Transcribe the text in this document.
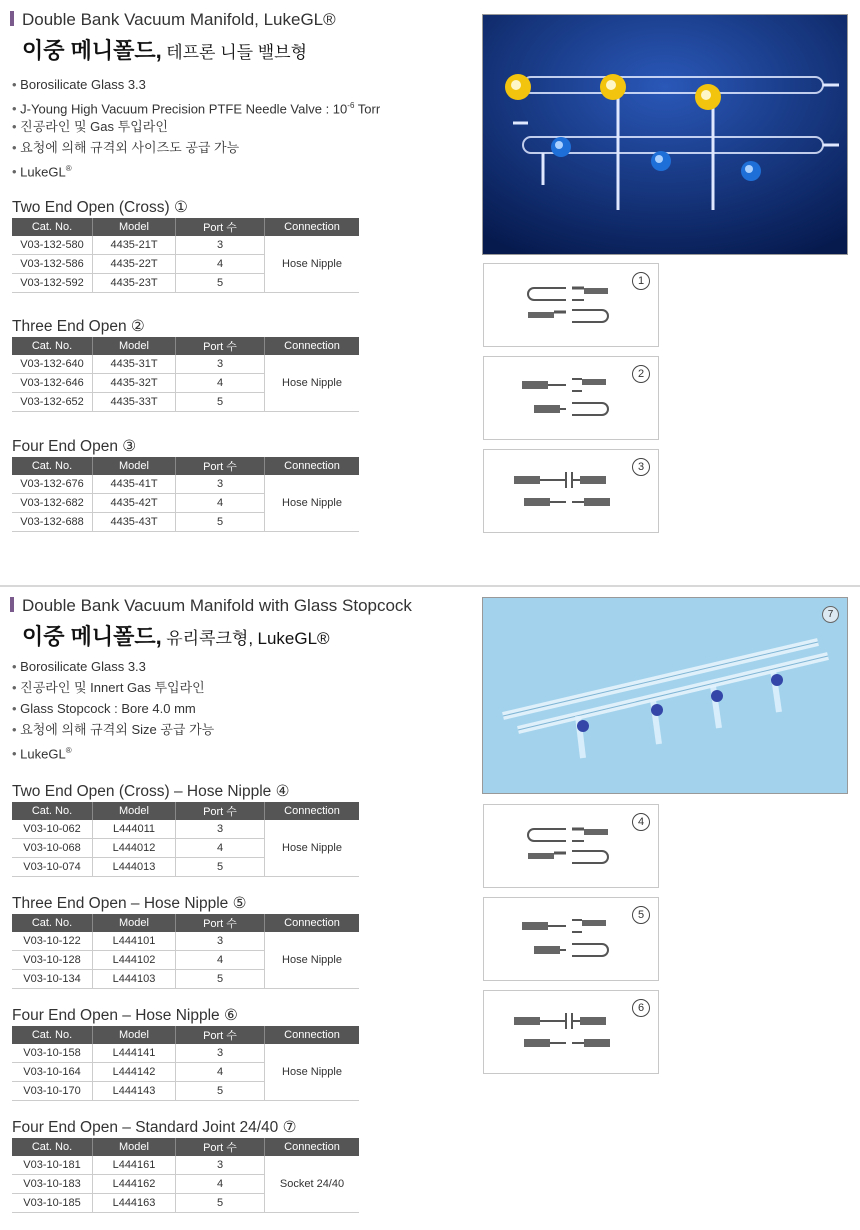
Double Bank Vacuum Manifold, LukeGL®
이중 메니폴드, 테프론 니들 밸브형
• Borosilicate Glass 3.3
• J-Young High Vacuum Precision PTFE Needle Valve : $10^{-6}$ Torr
• 진공라인 및 Gas 투입라인
• 요청에 의해 규격외 사이즈도 공급 가능
• LukeGL®
Two End Open (Cross) ①
Cat. No.	Model	Port 수	Connection
V03-132-580	4435-21T	3	Hose Nipple
V03-132-586	4435-22T	4	
V03-132-592	4435-23T	5	
Three End Open ②
Cat. No.	Model	Port 수	Connection
V03-132-640	4435-31T	3	Hose Nipple
V03-132-646	4435-32T	4	
V03-132-652	4435-33T	5	
Four End Open ③
Cat. No.	Model	Port 수	Connection
V03-132-676	4435-41T	3	Hose Nipple
V03-132-682	4435-42T	4	
V03-132-688	4435-43T	5	
1
2
3
Double Bank Vacuum Manifold with Glass Stopcock
이중 메니폴드, 유리콕크형, LukeGL®
• Borosilicate Glass 3.3
• 진공라인 및 Innert Gas 투입라인
• Glass Stopcock : Bore 4.0 mm
• 요청에 의해 규격외 Size 공급 가능
• LukeGL®
7
Two End Open (Cross) – Hose Nipple ④
Cat. No.	Model	Port 수	Connection
V03-10-062	L444011	3	Hose Nipple
V03-10-068	L444012	4	
V03-10-074	L444013	5	
Three End Open – Hose Nipple ⑤
Cat. No.	Model	Port 수	Connection
V03-10-122	L444101	3	Hose Nipple
V03-10-128	L444102	4	
V03-10-134	L444103	5	
Four End Open – Hose Nipple ⑥
Cat. No.	Model	Port 수	Connection
V03-10-158	L444141	3	Hose Nipple
V03-10-164	L444142	4	
V03-10-170	L444143	5	
Four End Open – Standard Joint 24/40 ⑦
Cat. No.	Model	Port 수	Connection
V03-10-181	L444161	3	Socket 24/40
V03-10-183	L444162	4	
V03-10-185	L444163	5	
4
5
6
